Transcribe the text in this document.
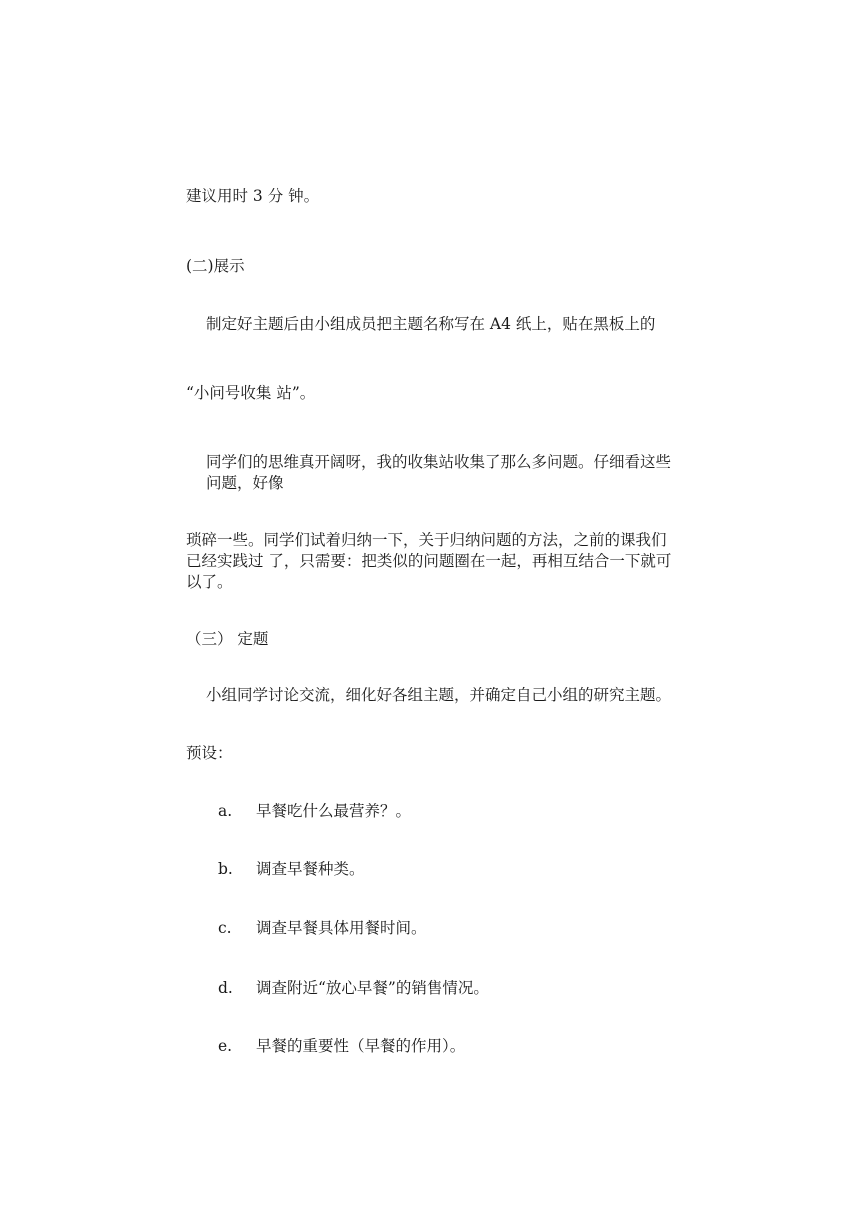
建议用时 3 分 钟。
(二)展示
制定好主题后由小组成员把主题名称写在 A4 纸上，贴在黑板上的
“小问号收集 站”。
同学们的思维真开阔呀，我的收集站收集了那么多问题。仔细看这些问题，好像
琐碎一些。同学们试着归纳一下，关于归纳问题的方法，之前的课我们已经实践过 了，只需要：把类似的问题圈在一起，再相互结合一下就可以了。
（三） 定题
小组同学讨论交流，细化好各组主题，并确定自己小组的研究主题。
预设：
a. 早餐吃什么最营养？。
b. 调查早餐种类。
c. 调查早餐具体用餐时间。
d. 调查附近“放心早餐”的销售情况。
e. 早餐的重要性（早餐的作用）。
